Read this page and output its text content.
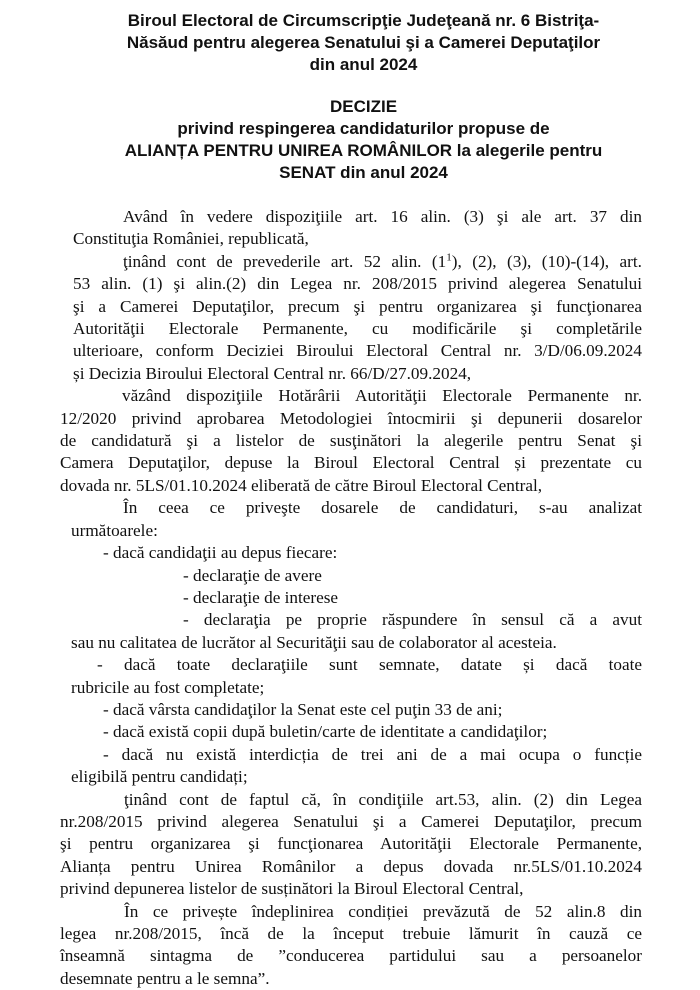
Biroul Electoral de Circumscripţie Judeţeană nr. 6 Bistriţa-
Năsăud pentru alegerea Senatului şi a Camerei Deputaţilor
din anul 2024
DECIZIE
privind respingerea candidaturilor propuse de
ALIANȚA PENTRU UNIREA ROMÂNILOR la alegerile pentru
SENAT din anul 2024
Având în vedere dispoziţiile art. 16 alin. (3) şi ale art. 37 din
Constituţia României, republicată,
ţinând cont de prevederile art. 52 alin. $(1^1)$, (2), (3), (10)-(14), art.
53 alin. (1) şi alin.(2) din Legea nr. 208/2015 privind alegerea Senatului
şi a Camerei Deputaţilor, precum şi pentru organizarea şi funcţionarea
Autorităţii Electorale Permanente, cu modificările şi completările
ulterioare, conform Deciziei Biroului Electoral Central nr. 3/D/06.09.2024
și Decizia Biroului Electoral Central nr. 66/D/27.09.2024,
văzând dispoziţiile Hotărârii Autorităţii Electorale Permanente nr.
12/2020 privind aprobarea Metodologiei întocmirii şi depunerii dosarelor
de candidatură şi a listelor de susţinători la alegerile pentru Senat şi
Camera Deputaţilor, depuse la Biroul Electoral Central și prezentate cu
dovada nr. 5LS/01.10.2024 eliberată de către Biroul Electoral Central,
În ceea ce priveşte dosarele de candidaturi, s-au analizat
următoarele:
- dacă candidaţii au depus fiecare:
- declaraţie de avere
- declaraţie de interese
- declaraţia pe proprie răspundere în sensul că a avut
sau nu calitatea de lucrător al Securităţii sau de colaborator al acesteia.
- dacă toate declaraţiile sunt semnate, datate și dacă toate
rubricile au fost completate;
- dacă vârsta candidaţilor la Senat este cel puţin 33 de ani;
- dacă există copii după buletin/carte de identitate a candidaţilor;
- dacă nu există interdicția de trei ani de a mai ocupa o funcție
eligibilă pentru candidați;
ţinând cont de faptul că, în condiţiile art.53, alin. (2) din Legea
nr.208/2015 privind alegerea Senatului şi a Camerei Deputaţilor, precum
şi pentru organizarea şi funcţionarea Autorităţii Electorale Permanente,
Alianța pentru Unirea Românilor a depus dovada nr.5LS/01.10.2024
privind depunerea listelor de susținători la Biroul Electoral Central,
În ce privește îndeplinirea condiției prevăzută de 52 alin.8 din
legea nr.208/2015, încă de la început trebuie lămurit în cauză ce
înseamnă sintagma de ”conducerea partidului sau a persoanelor
desemnate pentru a le semna”.
